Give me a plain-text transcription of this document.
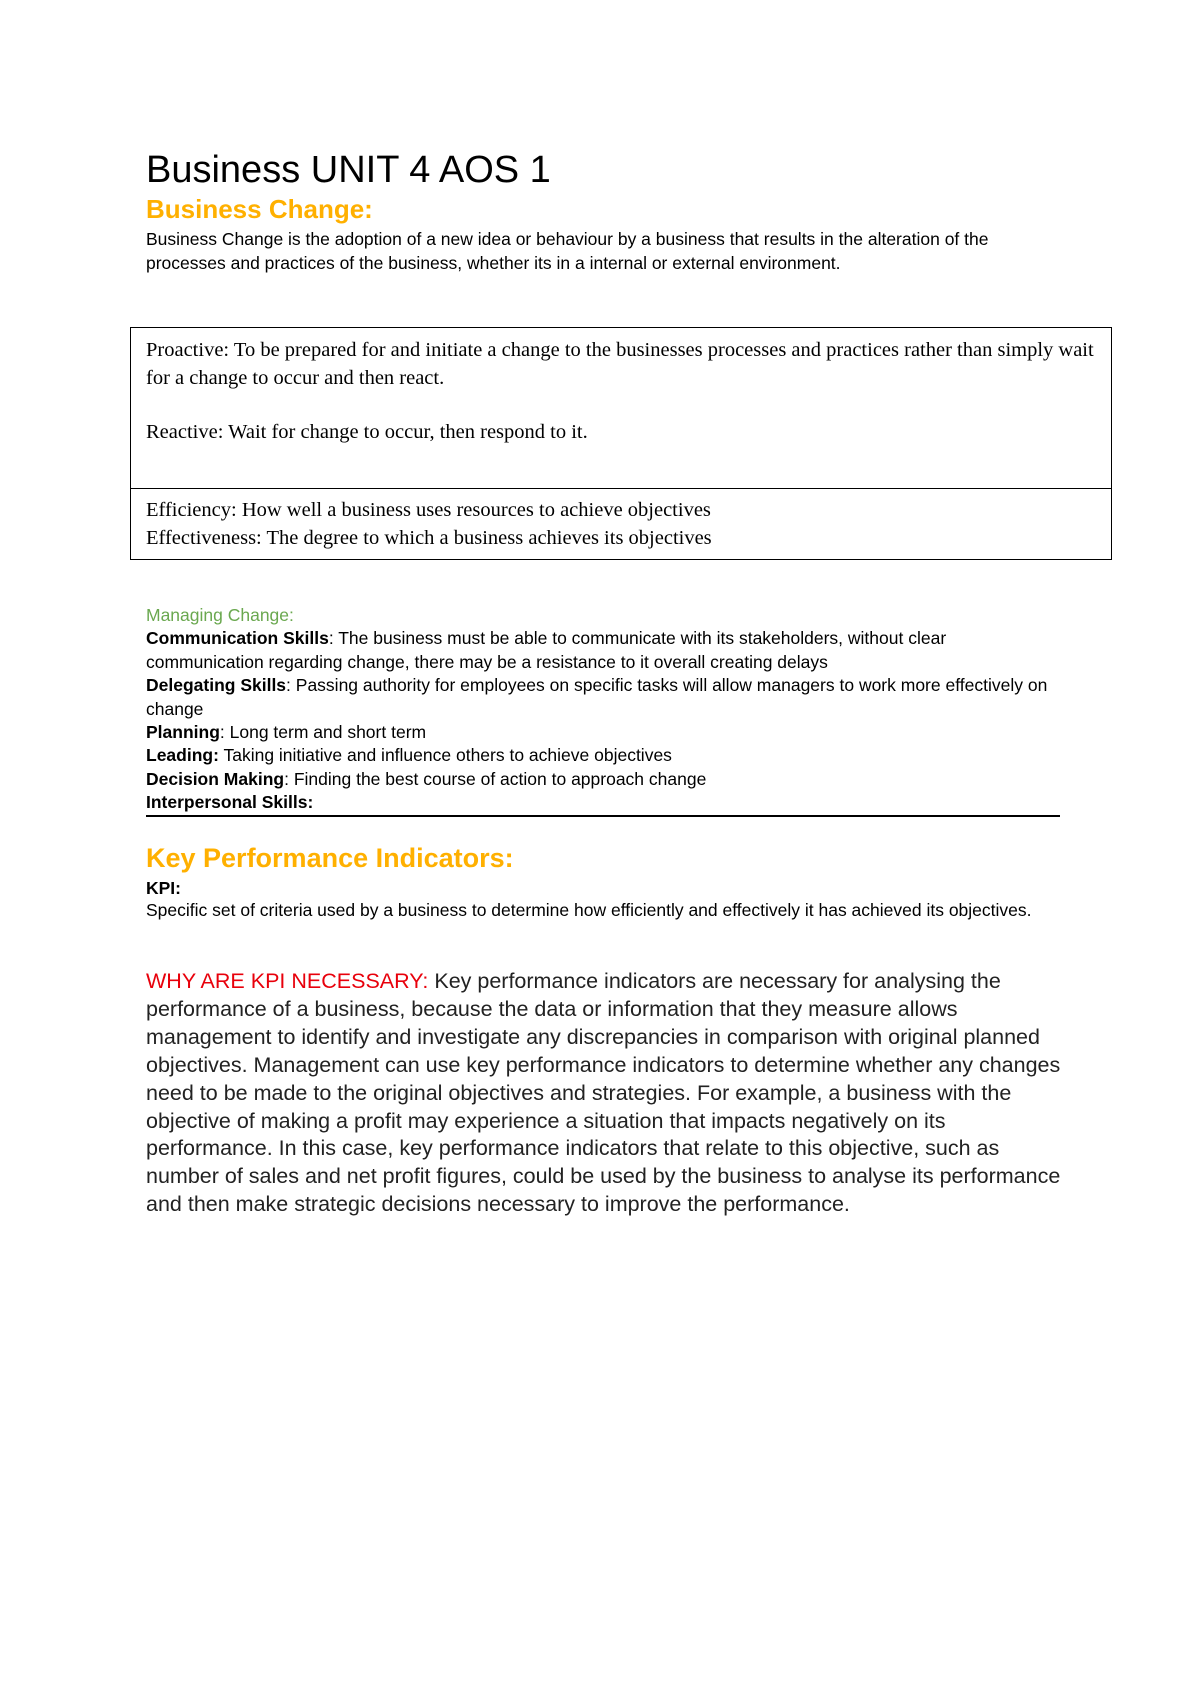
Business UNIT 4 AOS 1
Business Change:

Business Change is the adoption of a new idea or behaviour by a business that results in the alteration of the processes and practices of the business, whether its in a internal or external environment.

Proactive: To be prepared for and initiate a change to the businesses processes and practices rather than simply wait for a change to occur and then react.

Reactive: Wait for change to occur, then respond to it.

Efficiency: How well a business uses resources to achieve objectives

Effectiveness: The degree to which a business achieves its objectives

Managing Change:

Communication Skills: The business must be able to communicate with its stakeholders, without clear communication regarding change, there may be a resistance to it overall creating delays

Delegating Skills: Passing authority for employees on specific tasks will allow managers to work more effectively on change

Planning: Long term and short term

Leading: Taking initiative and influence others to achieve objectives

Decision Making: Finding the best course of action to approach change

Interpersonal Skills:

Key Performance Indicators:

KPI:

Specific set of criteria used by a business to determine how efficiently and effectively it has achieved its objectives.

WHY ARE KPI NECESSARY: Key performance indicators are necessary for analysing the performance of a business, because the data or information that they measure allows management to identify and investigate any discrepancies in comparison with original planned objectives. Management can use key performance indicators to determine whether any changes need to be made to the original objectives and strategies. For example, a business with the objective of making a profit may experience a situation that impacts negatively on its performance. In this case, key performance indicators that relate to this objective, such as number of sales and net profit figures, could be used by the business to analyse its performance and then make strategic decisions necessary to improve the performance.
